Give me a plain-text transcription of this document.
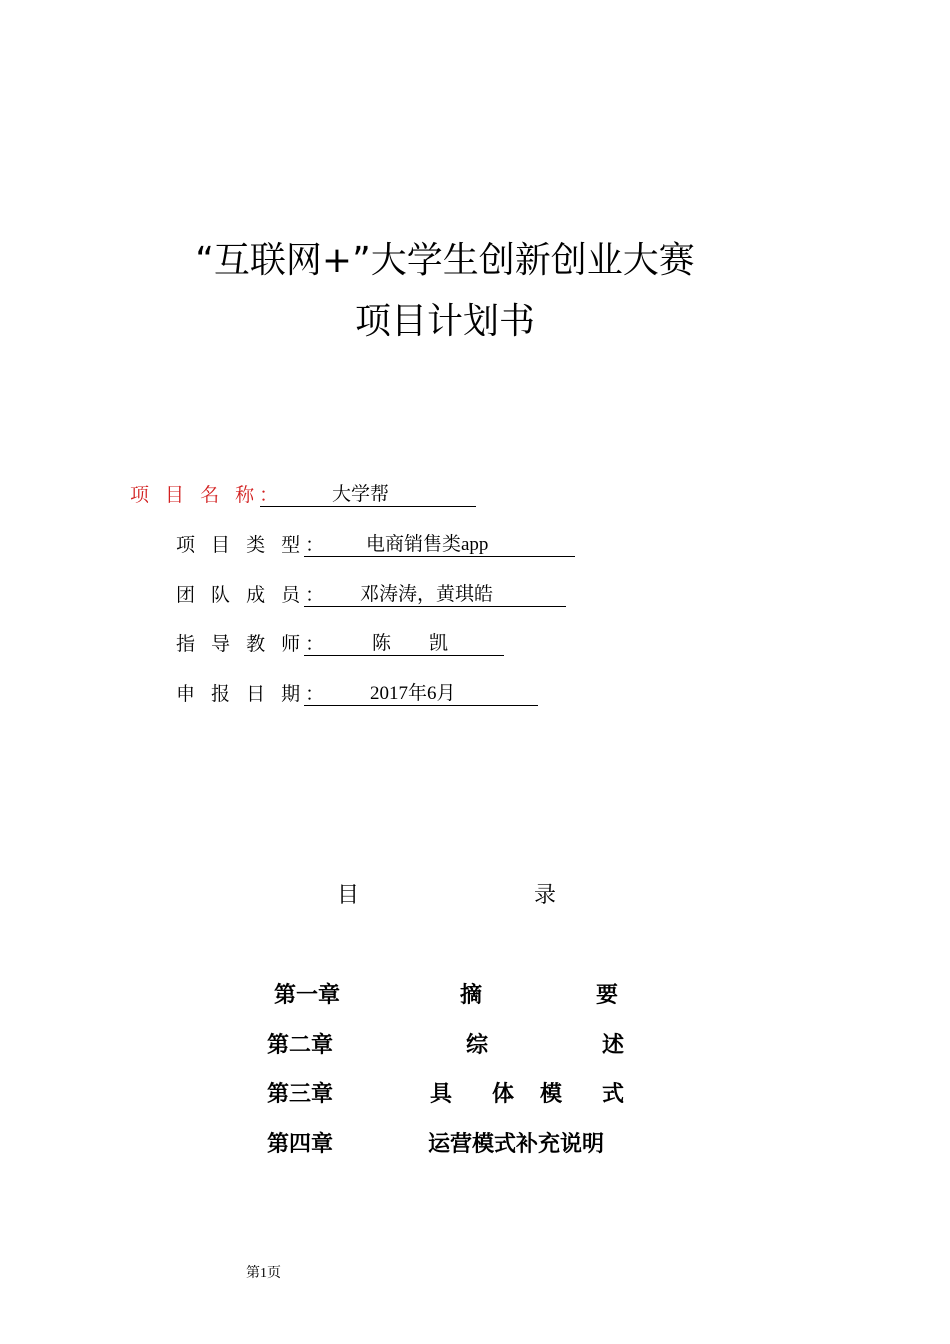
“互联网+”大学生创新创业大赛
项目计划书
项 目 名 称：	大学帮
项 目 类 型： 电商销售类app
团 队 成 员： 邓涛涛，黄琪皓
指 导 教 师： 陈　　凯
申 报 日 期： 2017年6月
目	录
第一章	摘	要
第二章	综	述
第三章	具 体 模 式
第四章	运营模式补充说明
第1页
